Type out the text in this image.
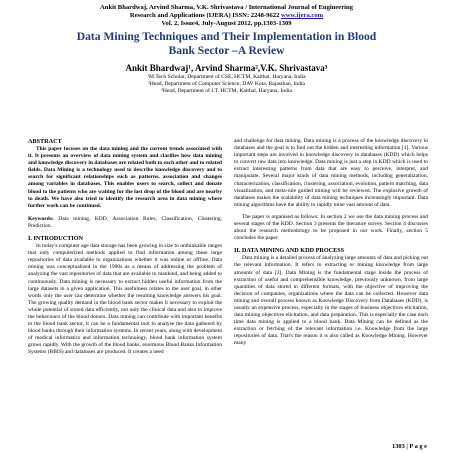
Ankit Bhardwaj, Arvind Sharma, V.K. Shrivastava / International Journal of Engineering
Research and Applications (IJERA) ISSN: 2248-9622 www.ijera.com
Vol. 2, Issue4, July-August 2012, pp.1303-1309
Data Mining Techniques and Their Implementation in Blood
Bank Sector –A Review
Ankit Bhardwaj¹, Arvind Sharma²,V.K. Shrivastava³
¹M.Tech Scholar, Department of CSE, HCTM, Kaithal, Haryana, India
²Head, Department of Computer Science, DAV Kota, Rajasthan, India
³Head, Department of I.T, HCTM, Kaithal, Haryana, India
ABSTRACT

This paper focuses on the data mining and the current trends associated with it. It presents an overview of data mining system and clarifies how data mining and knowledge discovery in databases are related both to each other and to related fields. Data Mining is a technology used to describe knowledge discovery and to search for significant relationships such as patterns, association and changes among variables in databases. This enables users to search, collect and donate blood to the patients who are waiting for the last drop of the blood and are nearby to death. We have also tried to identify the research area in data mining where further work can be continued.

Keywords: Data mining, KDD, Association Rules, Classification, Clustering, Prediction.

I. INTRODUCTION

In today's computer age data storage has been growing in size to unthinkable ranges that only computerized methods applied to find information among these large repositories of data available to organizations whether it was online or offline. Data mining was conceptualized in the 1990s as a means of addressing the problem of analyzing the vast repositories of data that are available to mankind, and being added to continuously. Data mining is necessary to extract hidden useful information from the large datasets in a given application. This usefulness relates to the user goal, in other words only the user can determine whether the resulting knowledge answers his goal. The growing quality demand in the blood bank sector makes it necessary to exploit the whole potential of stored data efficiently, not only the clinical data and also to improve the behaviours of the blood donors. Data mining can contribute with important benefits to the blood bank sector, it can be a fundamental tool to analyse the data gathered by blood banks through their information systems. In recent years, along with development of medical informatics and information technology, blood bank information system grows rapidly. With the growth of the blood banks, enormous Blood Banks Information Systems (BBIS) and databases are produced. It creates a need

and challenge for data mining. Data mining is a process of the knowledge discovery in databases and the goal is to find out the hidden and interesting information [1]. Various important steps are involved in knowledge discovery in databases (KDD) which helps to convert raw data into knowledge. Data mining is just a step in KDD which is used to extract interesting patterns from data that are easy to perceive, interpret, and manipulate. Several major kinds of data mining methods, including generalization, characterization, classification, clustering, association, evolution, pattern matching, data visualization, and meta-rule guided mining will be reviewed. The explosive growth of databases makes the scalability of data mining techniques increasingly important. Data mining algorithms have the ability to rapidly mine vast amount of data.

The paper is organised as follows: In section 2 we use the data mining process and several stages of the KDD. Section 3 presents the literature survey. Section 4 discusses about the research methodology to be proposed in our work. Finally, section 5 concludes the paper.

II. DATA MINING AND KDD PROCESS

Data mining is a detailed process of analyzing large amounts of data and picking out the relevant information. It refers to extracting or mining knowledge from large amounts of data [2]. Data Mining is the fundamental stage inside the process of extraction of useful and comprehensible knowledge, previously unknown, from large quantities of data stored in different formats, with the objective of improving the decision of companies, organizations where the data can be collected. However data mining and overall process known as Knowledge Discovery from Databases (KDD), is usually an expensive process, especially in the stages of business objectives elicitation, data mining objectives elicitation, and data preparation. This is especially the case each time data mining is applied to a blood bank. Data Mining can be defined as the extraction or fetching of the relevant information i.e. Knowledge from the large repositories of data. That's the reason it is also called as Knowledge Mining. However many

1303 | P a g e
